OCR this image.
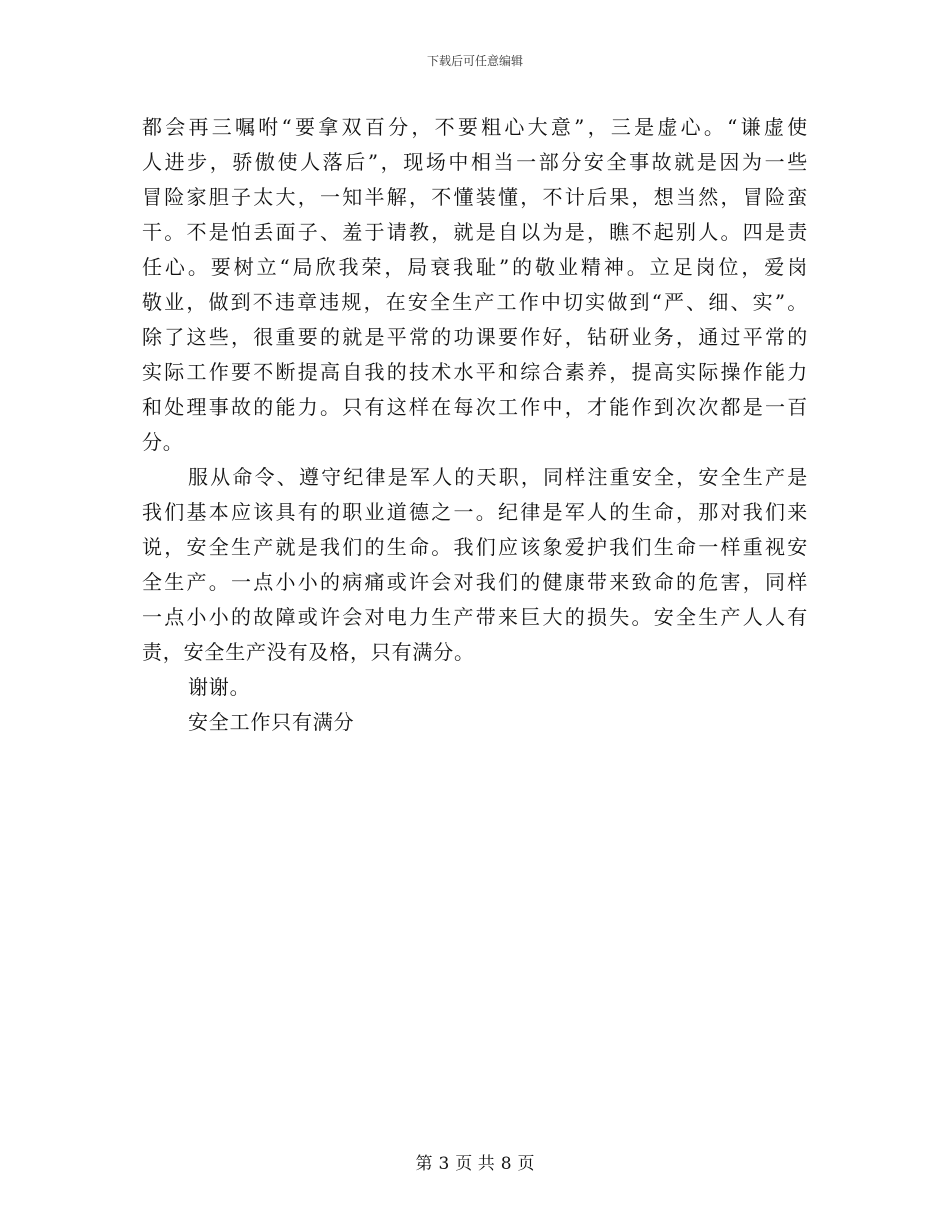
下载后可任意编辑
都会再三嘱咐“要拿双百分，不要粗心大意”，三是虚心。“谦虚使
人进步，骄傲使人落后”，现场中相当一部分安全事故就是因为一些
冒险家胆子太大，一知半解，不懂装懂，不计后果，想当然，冒险蛮
干。不是怕丢面子、羞于请教，就是自以为是，瞧不起别人。四是责
任心。要树立“局欣我荣，局衰我耻”的敬业精神。立足岗位，爱岗
敬业，做到不违章违规，在安全生产工作中切实做到“严、细、实”。
除了这些，很重要的就是平常的功课要作好，钻研业务，通过平常的
实际工作要不断提高自我的技术水平和综合素养，提高实际操作能力
和处理事故的能力。只有这样在每次工作中，才能作到次次都是一百
分。
服从命令、遵守纪律是军人的天职，同样注重安全，安全生产是
我们基本应该具有的职业道德之一。纪律是军人的生命，那对我们来
说，安全生产就是我们的生命。我们应该象爱护我们生命一样重视安
全生产。一点小小的病痛或许会对我们的健康带来致命的危害，同样
一点小小的故障或许会对电力生产带来巨大的损失。安全生产人人有
责，安全生产没有及格，只有满分。
谢谢。
安全工作只有满分
第 3 页 共 8 页
